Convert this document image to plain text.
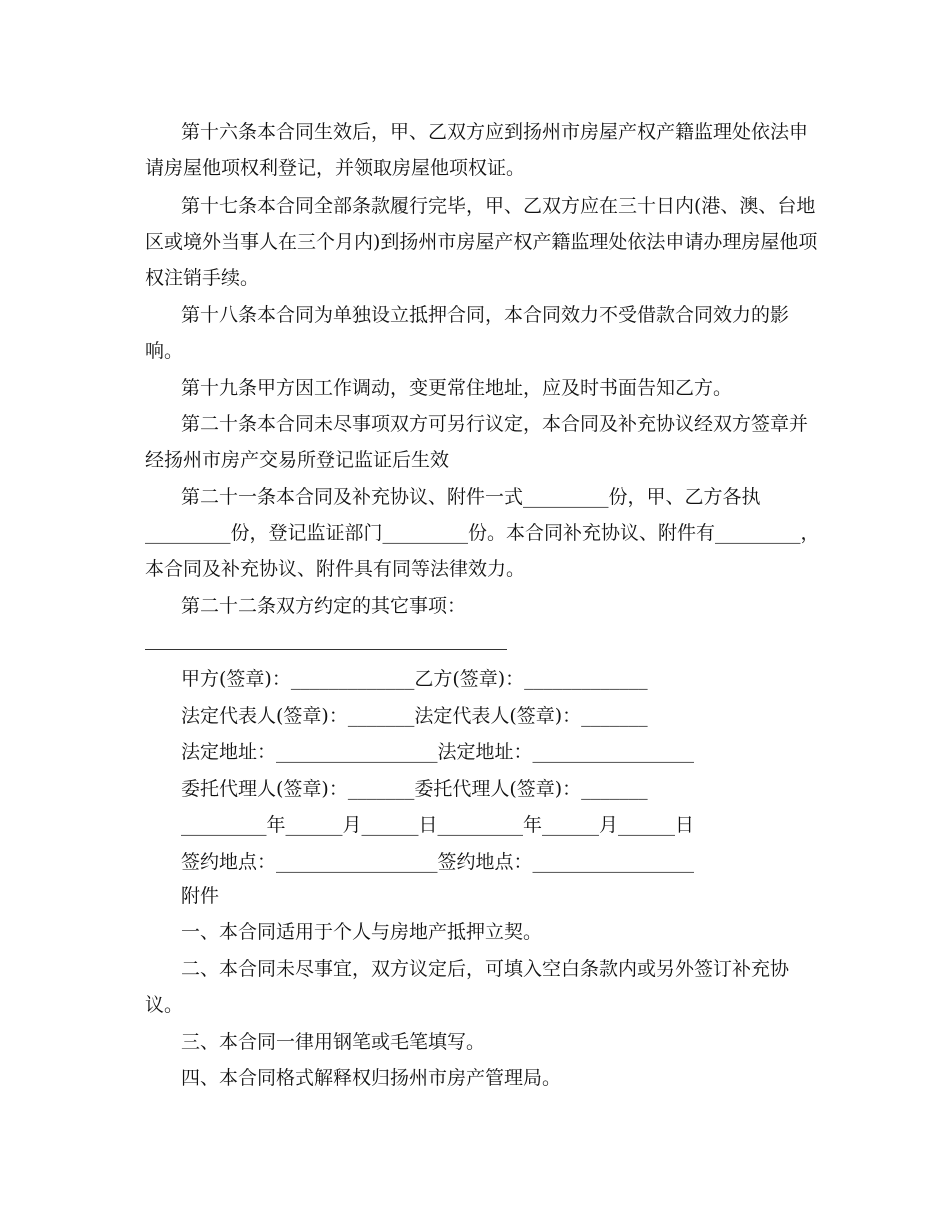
第十六条本合同生效后，甲、乙双方应到扬州市房屋产权产籍监理处依法申
请房屋他项权利登记，并领取房屋他项权证。
第十七条本合同全部条款履行完毕，甲、乙双方应在三十日内(港、澳、台地
区或境外当事人在三个月内)到扬州市房屋产权产籍监理处依法申请办理房屋他项
权注销手续。
第十八条本合同为单独设立抵押合同，本合同效力不受借款合同效力的影
响。
第十九条甲方因工作调动，变更常住地址，应及时书面告知乙方。
第二十条本合同未尽事项双方可另行议定，本合同及补充协议经双方签章并
经扬州市房产交易所登记监证后生效
第二十一条本合同及补充协议、附件一式_________份，甲、乙方各执
_________份，登记监证部门_________份。本合同补充协议、附件有_________，
本合同及补充协议、附件具有同等法律效力。
第二十二条双方约定的其它事项：
甲方(签章)：_____________乙方(签章)：_____________
法定代表人(签章)：_______法定代表人(签章)：_______
法定地址：_________________法定地址：_________________
委托代理人(签章)：_______委托代理人(签章)：_______
_________年______月______日_________年______月______日
签约地点：_________________签约地点：_________________
附件
一、本合同适用于个人与房地产抵押立契。
二、本合同未尽事宜，双方议定后，可填入空白条款内或另外签订补充协
议。
三、本合同一律用钢笔或毛笔填写。
四、本合同格式解释权归扬州市房产管理局。
